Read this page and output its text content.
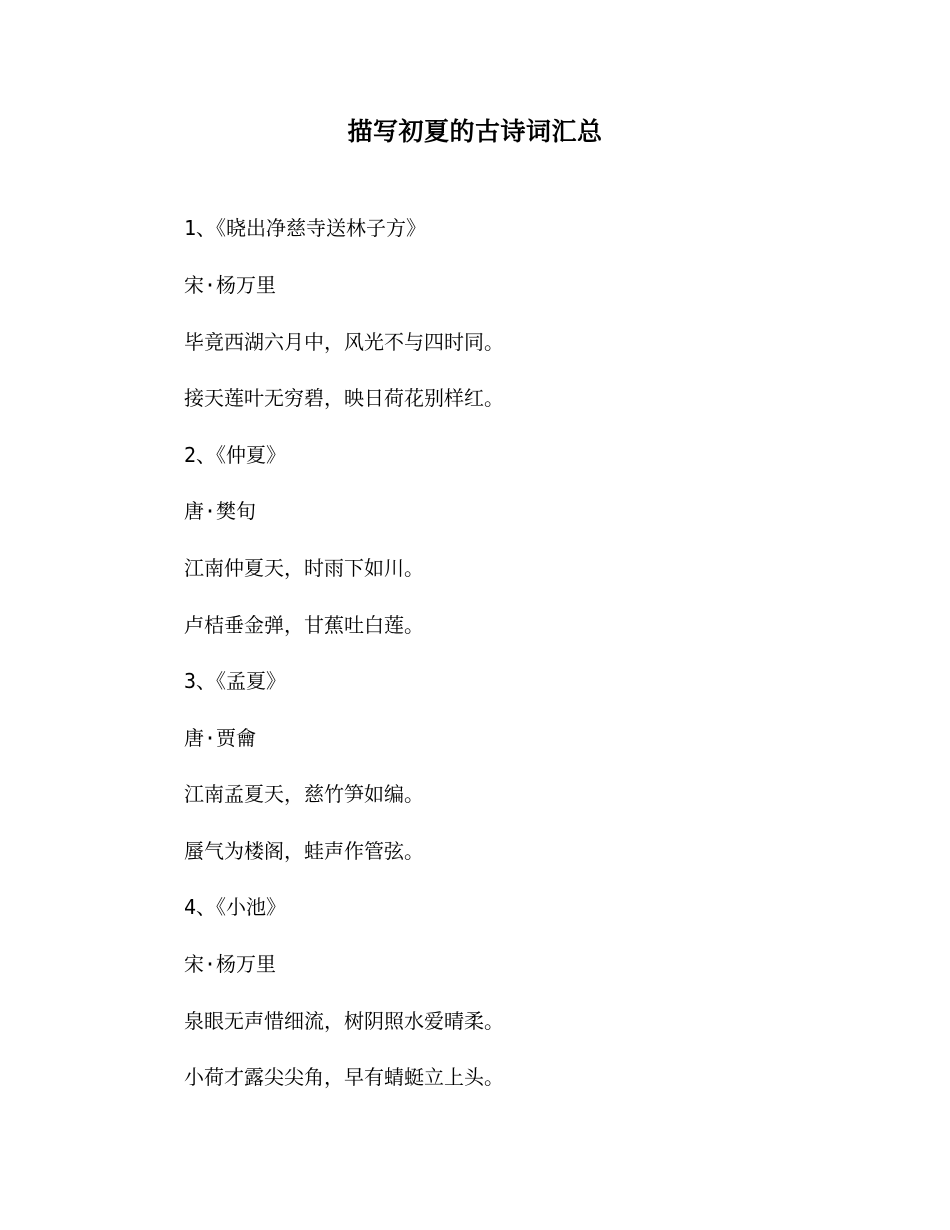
描写初夏的古诗词汇总
1、《晓出净慈寺送林子方》
宋·杨万里
毕竟西湖六月中，风光不与四时同。
接天莲叶无穷碧，映日荷花别样红。
2、《仲夏》
唐·樊旬
江南仲夏天，时雨下如川。
卢桔垂金弹，甘蕉吐白莲。
3、《孟夏》
唐·贾龠
江南孟夏天，慈竹笋如编。
蜃气为楼阁，蛙声作管弦。
4、《小池》
宋·杨万里
泉眼无声惜细流，树阴照水爱晴柔。
小荷才露尖尖角，早有蜻蜓立上头。
